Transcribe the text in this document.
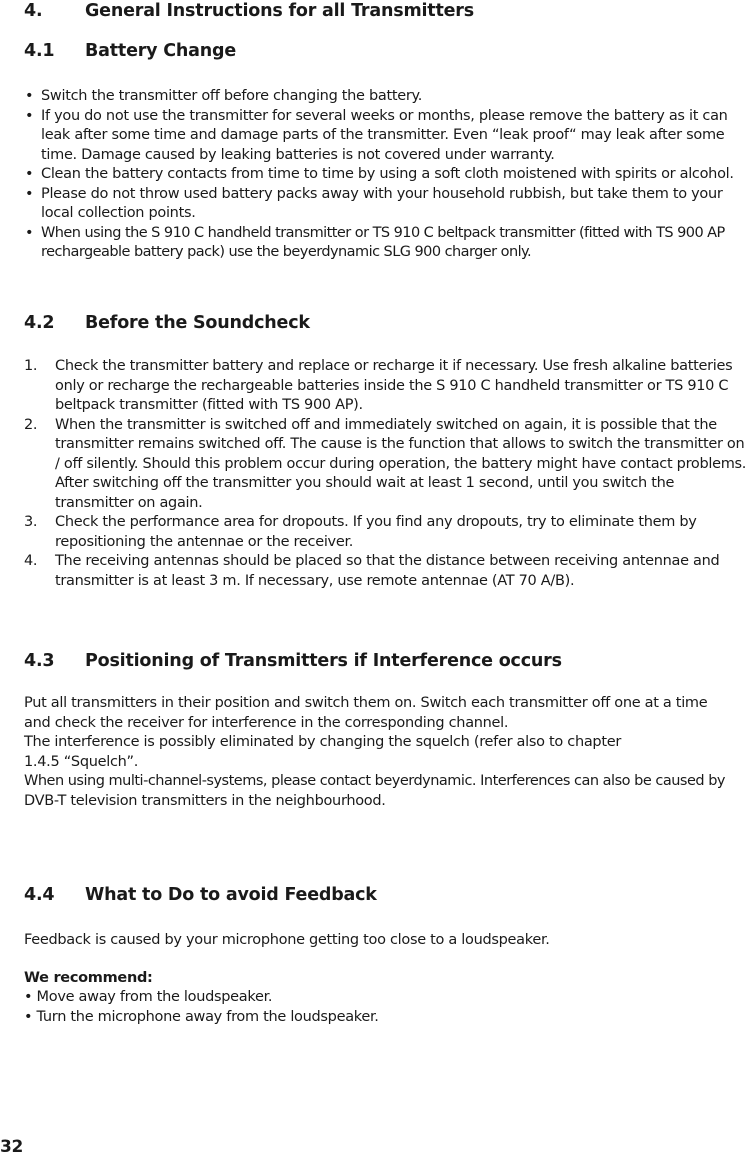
4. General Instructions for all Transmitters
4.1 Battery Change
• Switch the transmitter off before changing the battery.
• If you do not use the transmitter for several weeks or months, please remove the battery as it can leak after some time and damage parts of the transmitter. Even “leak proof“ may leak after some time. Damage caused by leaking batteries is not covered under warranty.
• Clean the battery contacts from time to time by using a soft cloth moistened with spirits or alcohol.
• Please do not throw used battery packs away with your household rubbish, but take them to your local collection points.
• When using the S 910 C handheld transmitter or TS 910 C beltpack transmitter (fitted with TS 900 AP rechargeable battery pack) use the beyerdynamic SLG 900 charger only.
4.2 Before the Soundcheck
1. Check the transmitter battery and replace or recharge it if necessary. Use fresh alkaline batteries only or recharge the rechargeable batteries inside the S 910 C handheld transmitter or TS 910 C beltpack transmitter (fitted with TS 900 AP).
2. When the transmitter is switched off and immediately switched on again, it is possible that the transmitter remains switched off. The cause is the function that allows to switch the transmitter on / off silently. Should this problem occur during operation, the battery might have contact problems. After switching off the transmitter you should wait at least 1 second, until you switch the transmitter on again.
3. Check the performance area for dropouts. If you find any dropouts, try to eliminate them by repositioning the antennae or the receiver.
4. The receiving antennas should be placed so that the distance between receiving antennae and transmitter is at least 3 m. If necessary, use remote antennae (AT 70 A/B).
4.3 Positioning of Transmitters if Interference occurs
Put all transmitters in their position and switch them on. Switch each transmitter off one at a time
and check the receiver for interference in the corresponding channel.
The interference is possibly eliminated by changing the squelch (refer also to chapter
1.4.5 “Squelch”.
When using multi-channel-systems, please contact beyerdynamic. Interferences can also be caused by
DVB-T television transmitters in the neighbourhood.
4.4 What to Do to avoid Feedback
Feedback is caused by your microphone getting too close to a loudspeaker.
We recommend:
• Move away from the loudspeaker.
• Turn the microphone away from the loudspeaker.
32
